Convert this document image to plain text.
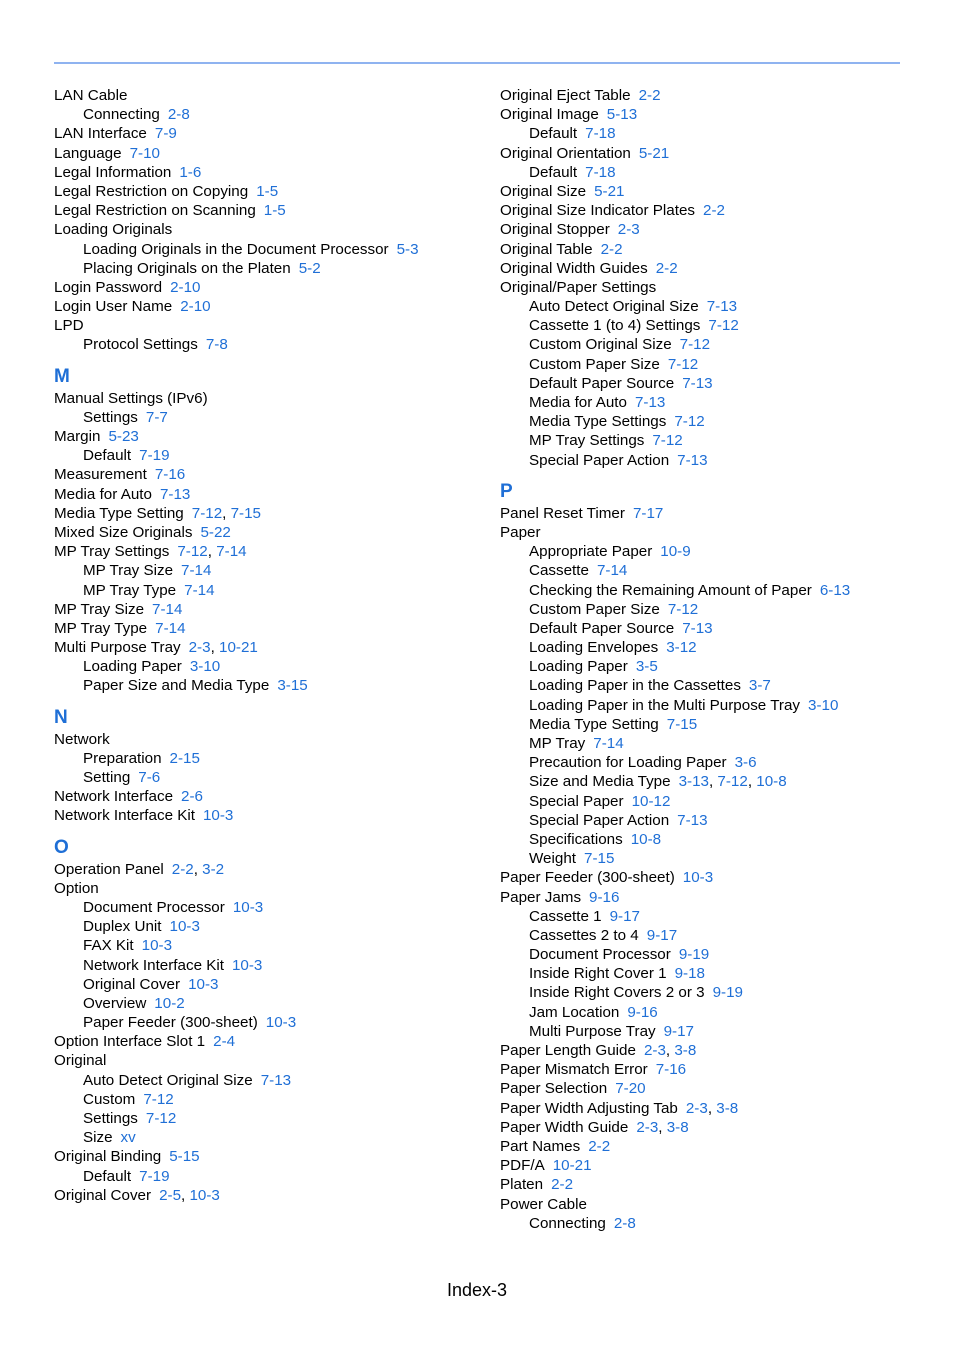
LAN Cable
Connecting 2-8
LAN Interface 7-9
Language 7-10
Legal Information 1-6
Legal Restriction on Copying 1-5
Legal Restriction on Scanning 1-5
Loading Originals
Loading Originals in the Document Processor 5-3
Placing Originals on the Platen 5-2
Login Password 2-10
Login User Name 2-10
LPD
Protocol Settings 7-8
M
Manual Settings (IPv6)
Settings 7-7
Margin 5-23
Default 7-19
Measurement 7-16
Media for Auto 7-13
Media Type Setting 7-12, 7-15
Mixed Size Originals 5-22
MP Tray Settings 7-12, 7-14
MP Tray Size 7-14
MP Tray Type 7-14
MP Tray Size 7-14
MP Tray Type 7-14
Multi Purpose Tray 2-3, 10-21
Loading Paper 3-10
Paper Size and Media Type 3-15
N
Network
Preparation 2-15
Setting 7-6
Network Interface 2-6
Network Interface Kit 10-3
O
Operation Panel 2-2, 3-2
Option
Document Processor 10-3
Duplex Unit 10-3
FAX Kit 10-3
Network Interface Kit 10-3
Original Cover 10-3
Overview 10-2
Paper Feeder (300-sheet) 10-3
Option Interface Slot 1 2-4
Original
Auto Detect Original Size 7-13
Custom 7-12
Settings 7-12
Size xv
Original Binding 5-15
Default 7-19
Original Cover 2-5, 10-3
Original Eject Table 2-2
Original Image 5-13
Default 7-18
Original Orientation 5-21
Default 7-18
Original Size 5-21
Original Size Indicator Plates 2-2
Original Stopper 2-3
Original Table 2-2
Original Width Guides 2-2
Original/Paper Settings
Auto Detect Original Size 7-13
Cassette 1 (to 4) Settings 7-12
Custom Original Size 7-12
Custom Paper Size 7-12
Default Paper Source 7-13
Media for Auto 7-13
Media Type Settings 7-12
MP Tray Settings 7-12
Special Paper Action 7-13
P
Panel Reset Timer 7-17
Paper
Appropriate Paper 10-9
Cassette 7-14
Checking the Remaining Amount of Paper 6-13
Custom Paper Size 7-12
Default Paper Source 7-13
Loading Envelopes 3-12
Loading Paper 3-5
Loading Paper in the Cassettes 3-7
Loading Paper in the Multi Purpose Tray 3-10
Media Type Setting 7-15
MP Tray 7-14
Precaution for Loading Paper 3-6
Size and Media Type 3-13, 7-12, 10-8
Special Paper 10-12
Special Paper Action 7-13
Specifications 10-8
Weight 7-15
Paper Feeder (300-sheet) 10-3
Paper Jams 9-16
Cassette 1 9-17
Cassettes 2 to 4 9-17
Document Processor 9-19
Inside Right Cover 1 9-18
Inside Right Covers 2 or 3 9-19
Jam Location 9-16
Multi Purpose Tray 9-17
Paper Length Guide 2-3, 3-8
Paper Mismatch Error 7-16
Paper Selection 7-20
Paper Width Adjusting Tab 2-3, 3-8
Paper Width Guide 2-3, 3-8
Part Names 2-2
PDF/A 10-21
Platen 2-2
Power Cable
Connecting 2-8
Index-3
